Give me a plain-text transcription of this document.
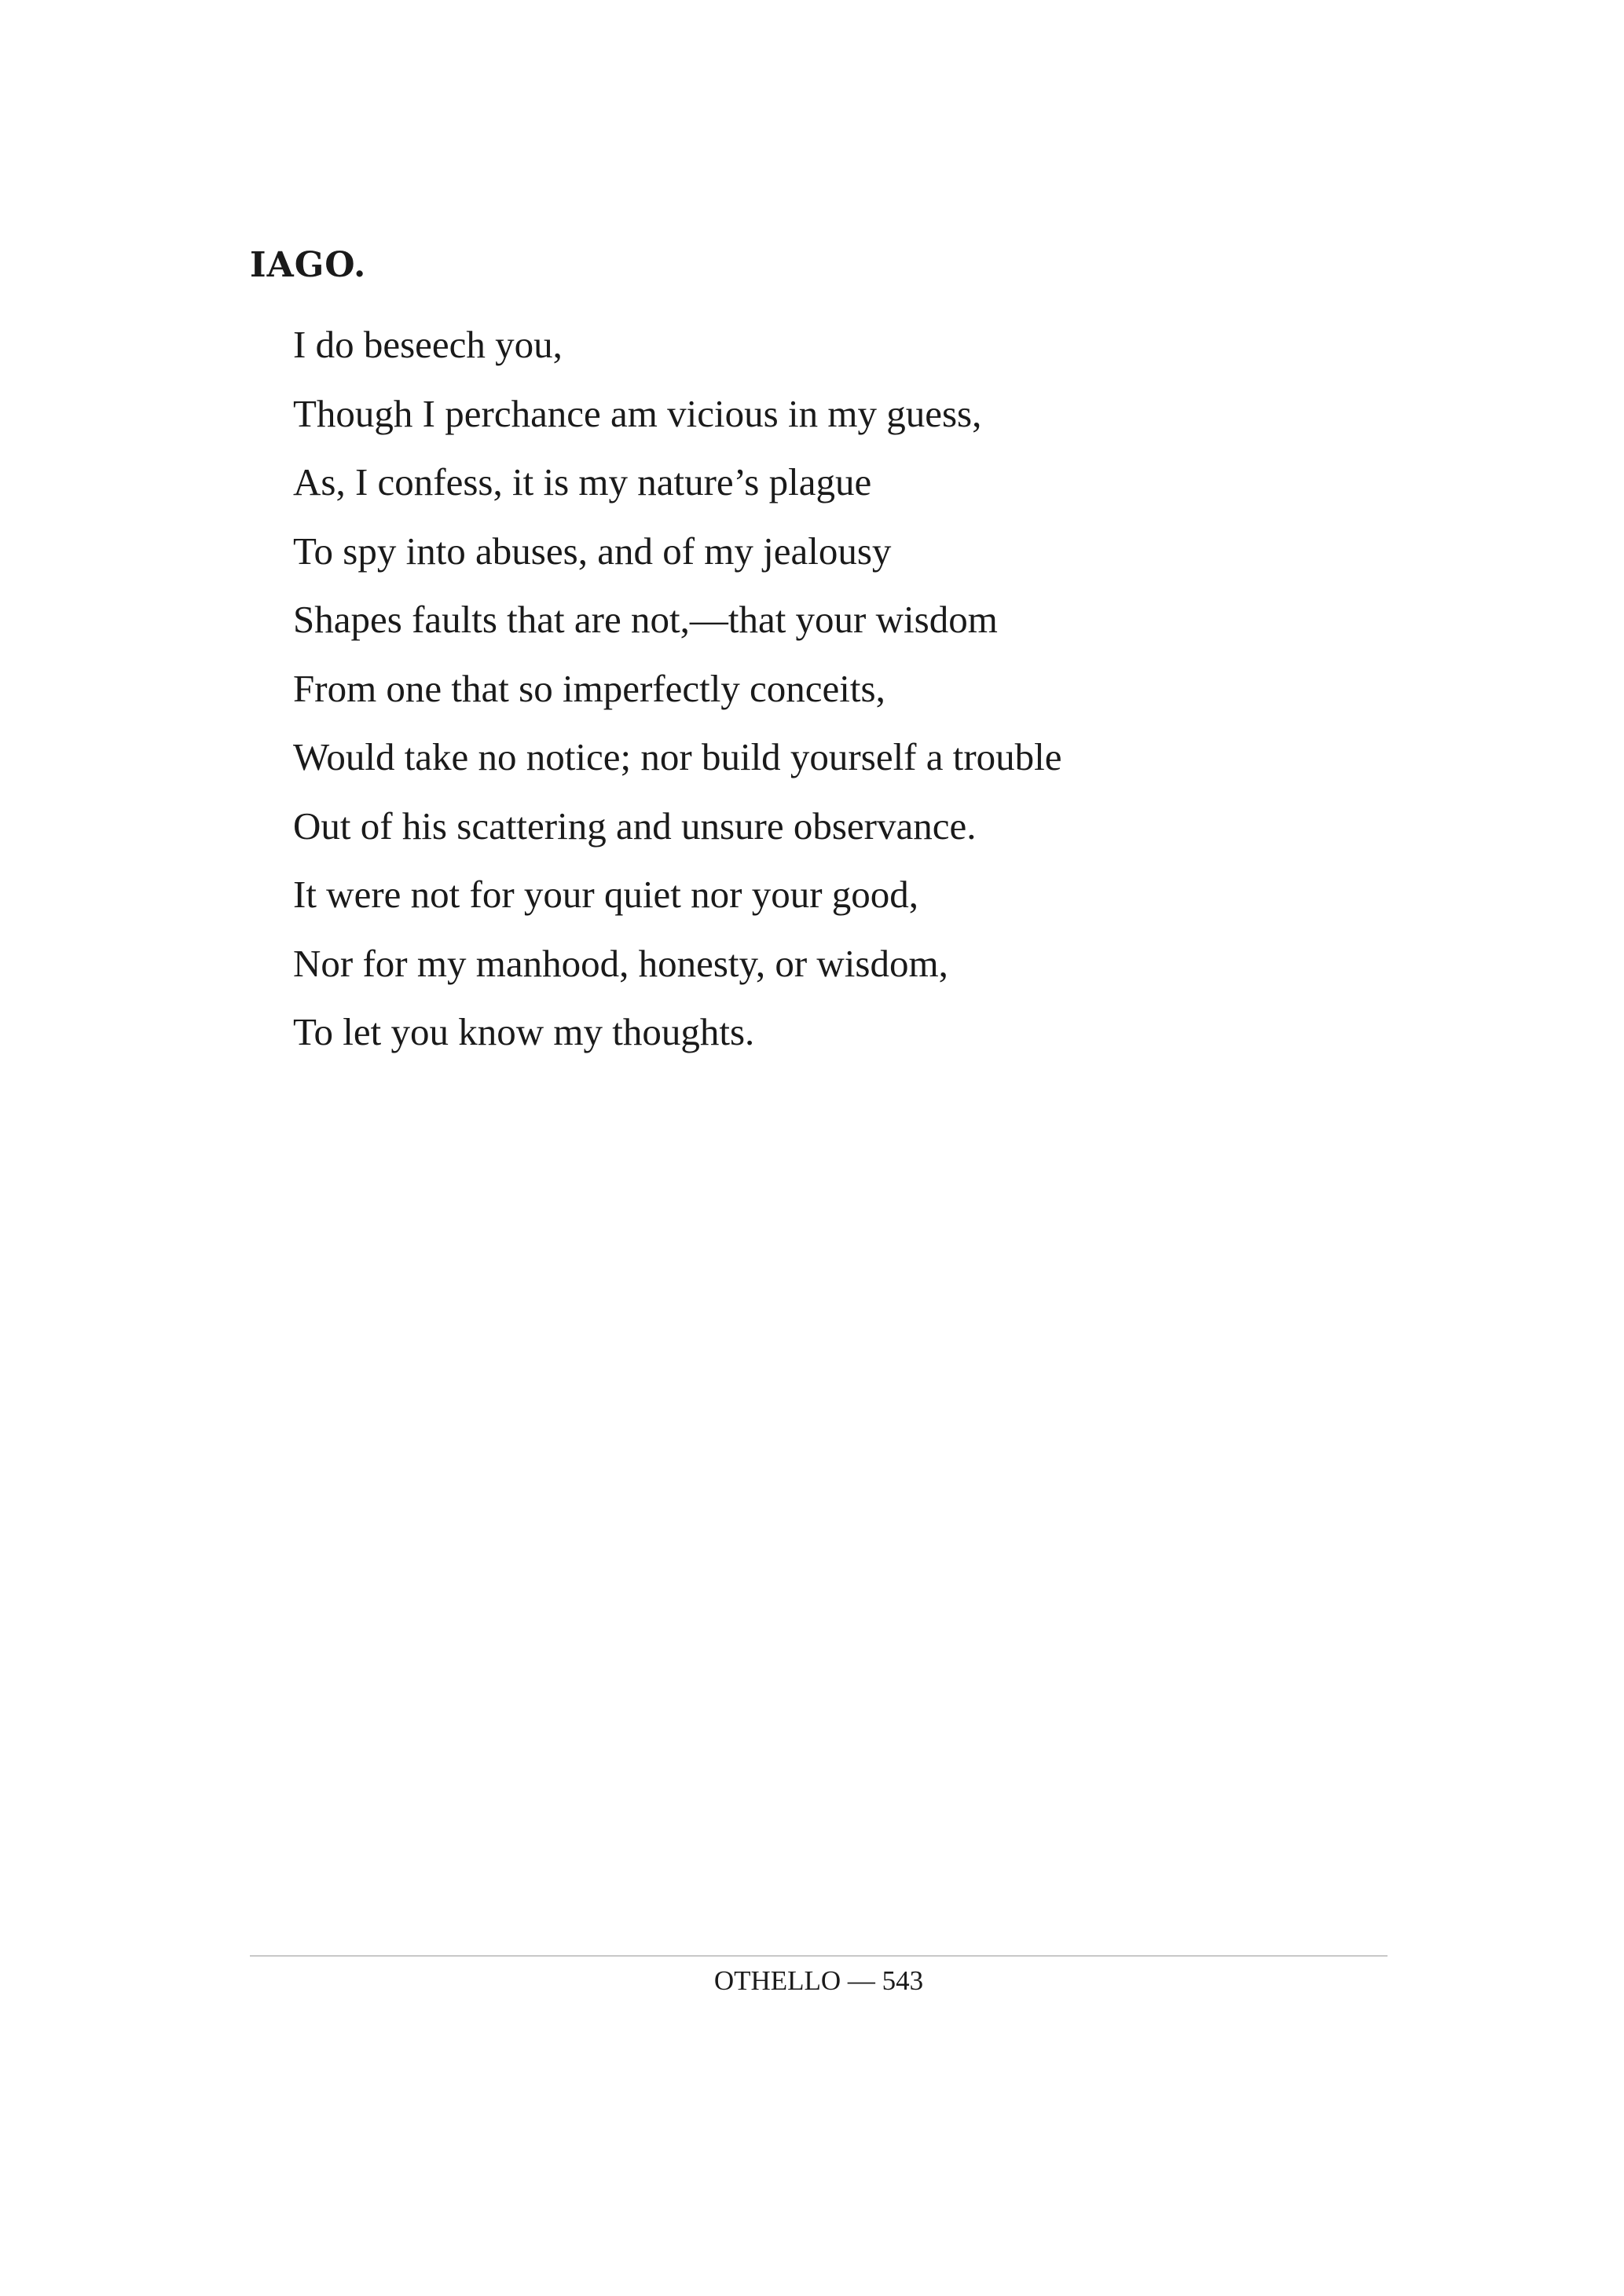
IAGO.
I do beseech you,
Though I perchance am vicious in my guess,
As, I confess, it is my nature’s plague
To spy into abuses, and of my jealousy
Shapes faults that are not,—that your wisdom
From one that so imperfectly conceits,
Would take no notice; nor build yourself a trouble
Out of his scattering and unsure observance.
It were not for your quiet nor your good,
Nor for my manhood, honesty, or wisdom,
To let you know my thoughts.
OTHELLO — 543
